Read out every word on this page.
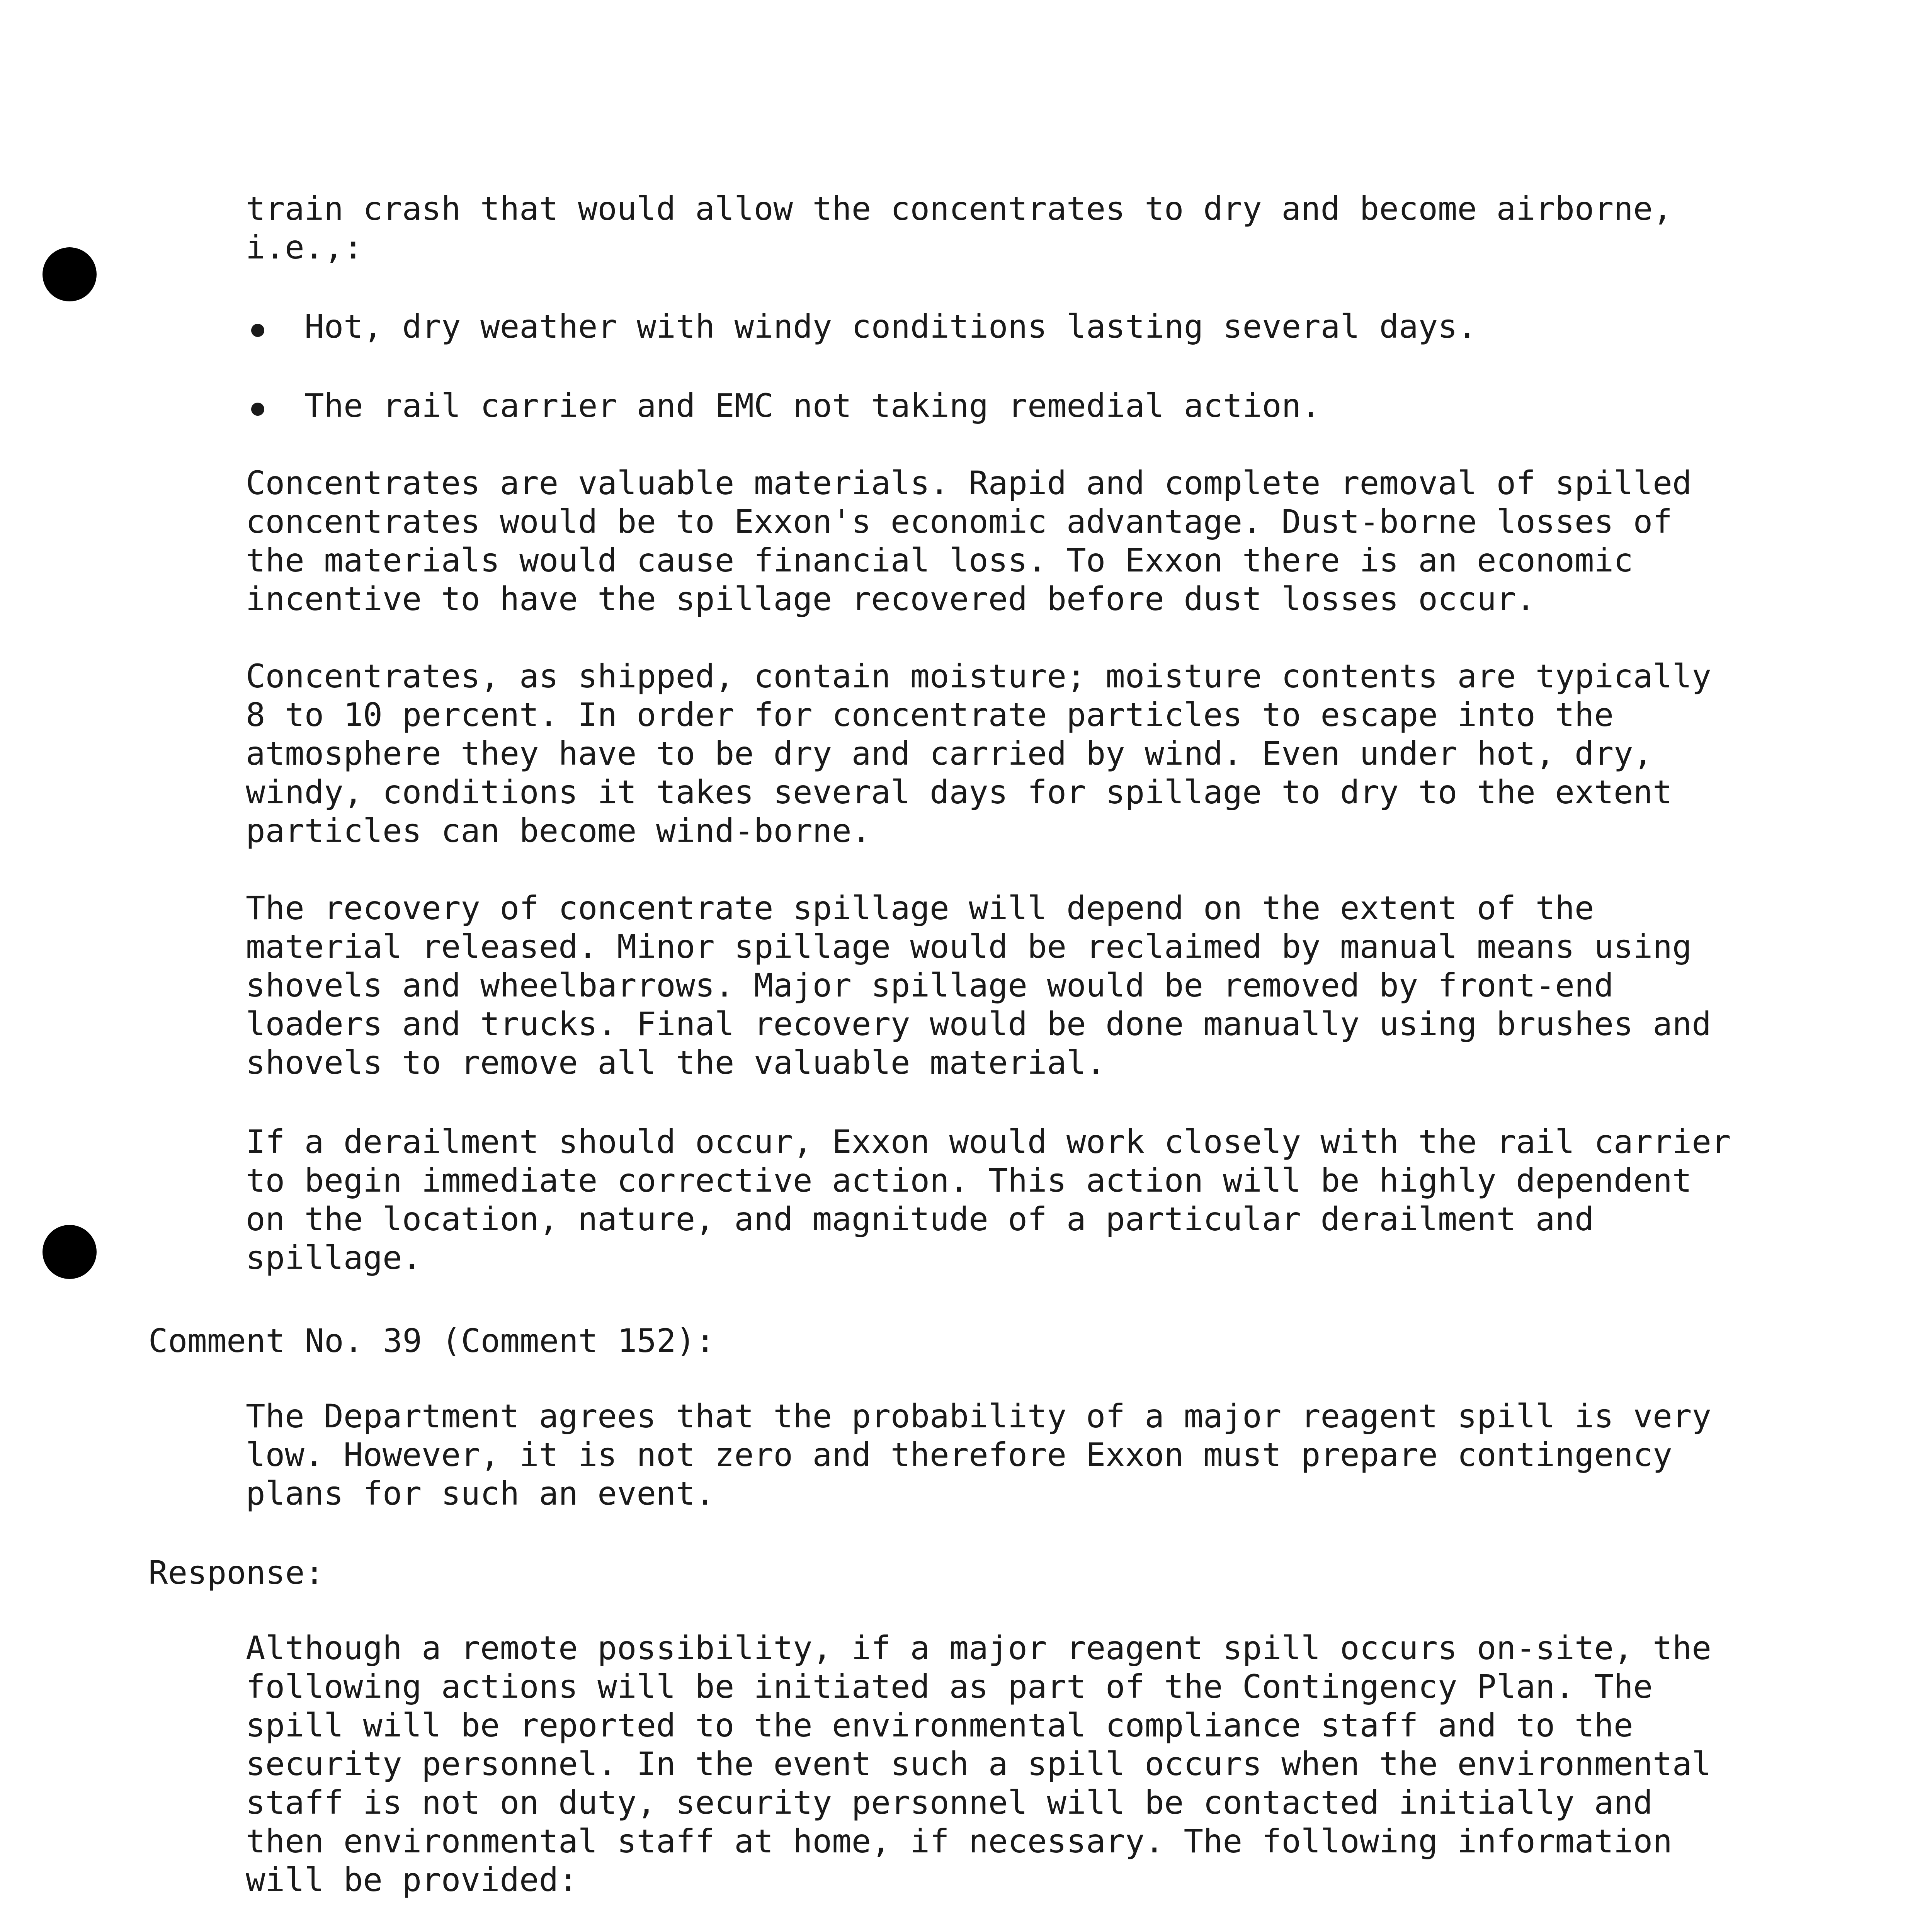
train crash that would allow the concentrates to dry and become airborne,
i.e.,:
Hot, dry weather with windy conditions lasting several days.
The rail carrier and EMC not taking remedial action.

Concentrates are valuable materials. Rapid and complete removal of spilled
concentrates would be to Exxon's economic advantage. Dust-borne losses of
the materials would cause financial loss. To Exxon there is an economic
incentive to have the spillage recovered before dust losses occur.

Concentrates, as shipped, contain moisture; moisture contents are typically
8 to 10 percent. In order for concentrate particles to escape into the
atmosphere they have to be dry and carried by wind. Even under hot, dry,
windy, conditions it takes several days for spillage to dry to the extent
particles can become wind-borne.

The recovery of concentrate spillage will depend on the extent of the
material released. Minor spillage would be reclaimed by manual means using
shovels and wheelbarrows. Major spillage would be removed by front-end
loaders and trucks. Final recovery would be done manually using brushes and
shovels to remove all the valuable material.

If a derailment should occur, Exxon would work closely with the rail carrier
to begin immediate corrective action. This action will be highly dependent
on the location, nature, and magnitude of a particular derailment and
spillage.

Comment No. 39 (Comment 152):

The Department agrees that the probability of a major reagent spill is very
low. However, it is not zero and therefore Exxon must prepare contingency
plans for such an event.

Response:

Although a remote possibility, if a major reagent spill occurs on-site, the
following actions will be initiated as part of the Contingency Plan. The
spill will be reported to the environmental compliance staff and to the
security personnel. In the event such a spill occurs when the environmental
staff is not on duty, security personnel will be contacted initially and
then environmental staff at home, if necessary. The following information
will be provided:
